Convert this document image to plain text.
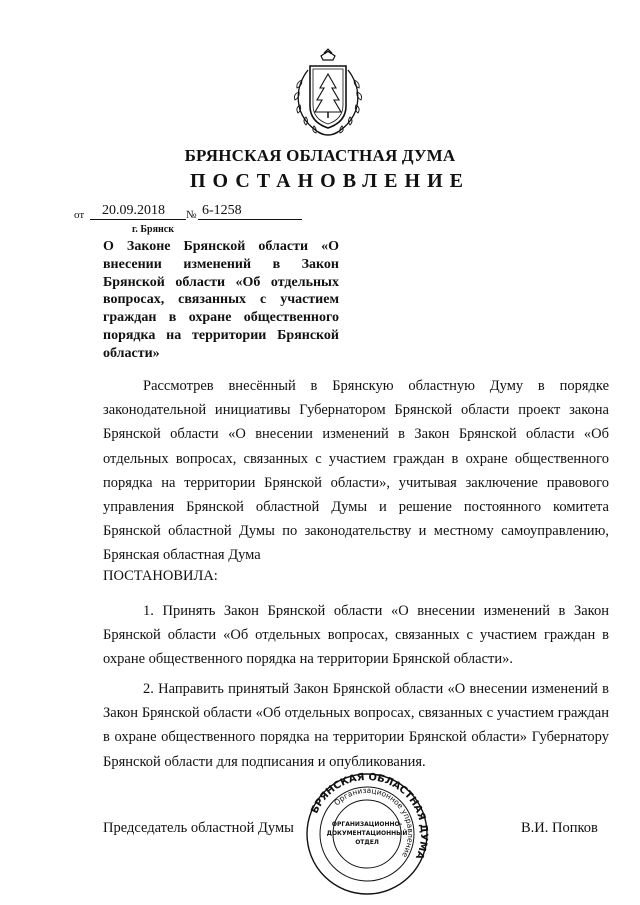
БРЯНСКАЯ ОБЛАСТНАЯ ДУМА
ПОСТАНОВЛЕНИЕ
от	20.09.2018	№ 6-1258
г. Брянск
О Законе Брянской области «О внесении изменений в Закон Брянской области «Об отдельных вопросах, связанных с участием граждан в охране общественного порядка на территории Брянской области»
Рассмотрев внесённый в Брянскую областную Думу в порядке законодательной инициативы Губернатором Брянской области проект закона Брянской области «О внесении изменений в Закон Брянской области «Об отдельных вопросах, связанных с участием граждан в охране общественного порядка на территории Брянской области», учитывая заключение правового управления Брянской областной Думы и решение постоянного комитета Брянской областной Думы по законодательству и местному самоуправлению, Брянская областная Дума
ПОСТАНОВИЛА:
1. Принять Закон Брянской области «О внесении изменений в Закон Брянской области «Об отдельных вопросах, связанных с участием граждан в охране общественного порядка на территории Брянской области».
2. Направить принятый Закон Брянской области «О внесении изменений в Закон Брянской области «Об отдельных вопросах, связанных с участием граждан в охране общественного порядка на территории Брянской области» Губернатору Брянской области для подписания и опубликования.
Председатель областной Думы	В.И. Попков
БРЯНСКАЯ ОБЛАСТНАЯ ДУМА
Организационное управление
ОРГАНИЗАЦИОННО-
ДОКУМЕНТАЦИОННЫЙ
ОТДЕЛ
